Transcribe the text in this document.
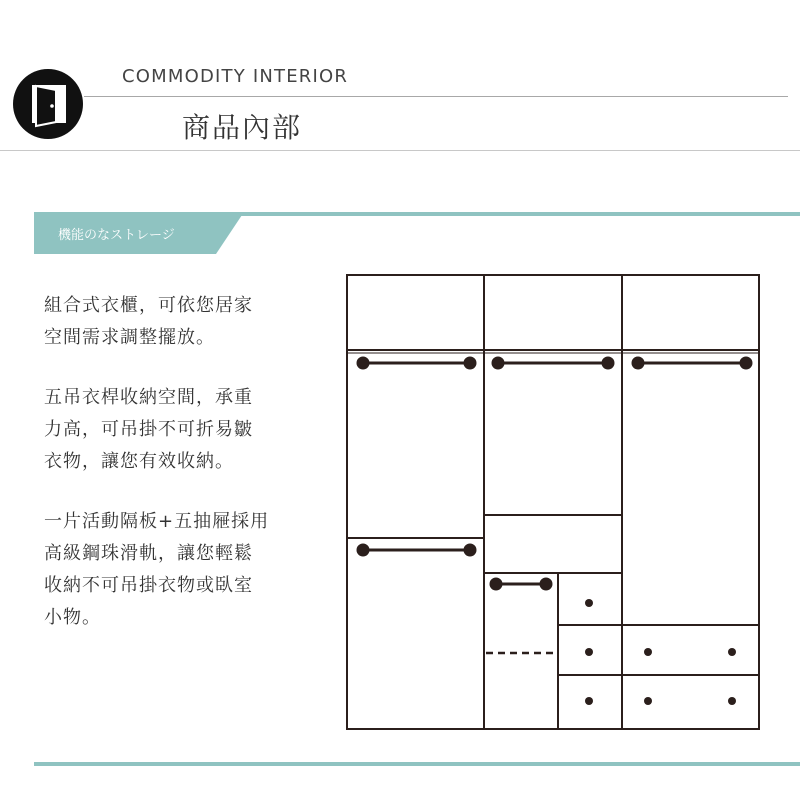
COMMODITY INTERIOR
商品內部
機能のなストレージ

組合式衣櫃，可依您居家
空間需求調整擺放。

五吊衣桿收納空間，承重
力高，可吊掛不可折易皺
衣物，讓您有效收納。

一片活動隔板+五抽屜採用
高級鋼珠滑軌，讓您輕鬆
收納不可吊掛衣物或臥室
小物。
